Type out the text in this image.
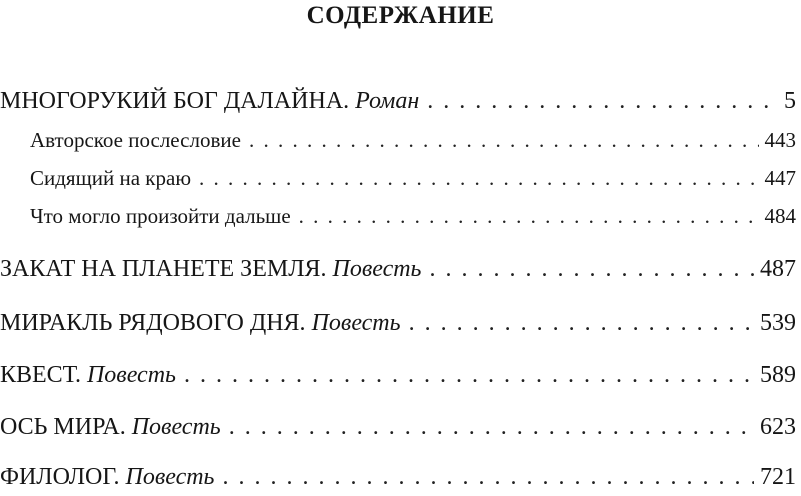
СОДЕРЖАНИЕ
МНОГОРУКИЙ БОГ ДАЛАЙНА. Роман . . .	5
Авторское послесловие . . .	443
Сидящий на краю . . .	447
Что могло произойти дальше . . .	484
ЗАКАТ НА ПЛАНЕТЕ ЗЕМЛЯ. Повесть . . .	487
МИРАКЛЬ РЯДОВОГО ДНЯ. Повесть . . .	539
КВЕСТ. Повесть . . .	589
ОСЬ МИРА. Повесть . . .	623
ФИЛОЛОГ. Повесть . . .	721
